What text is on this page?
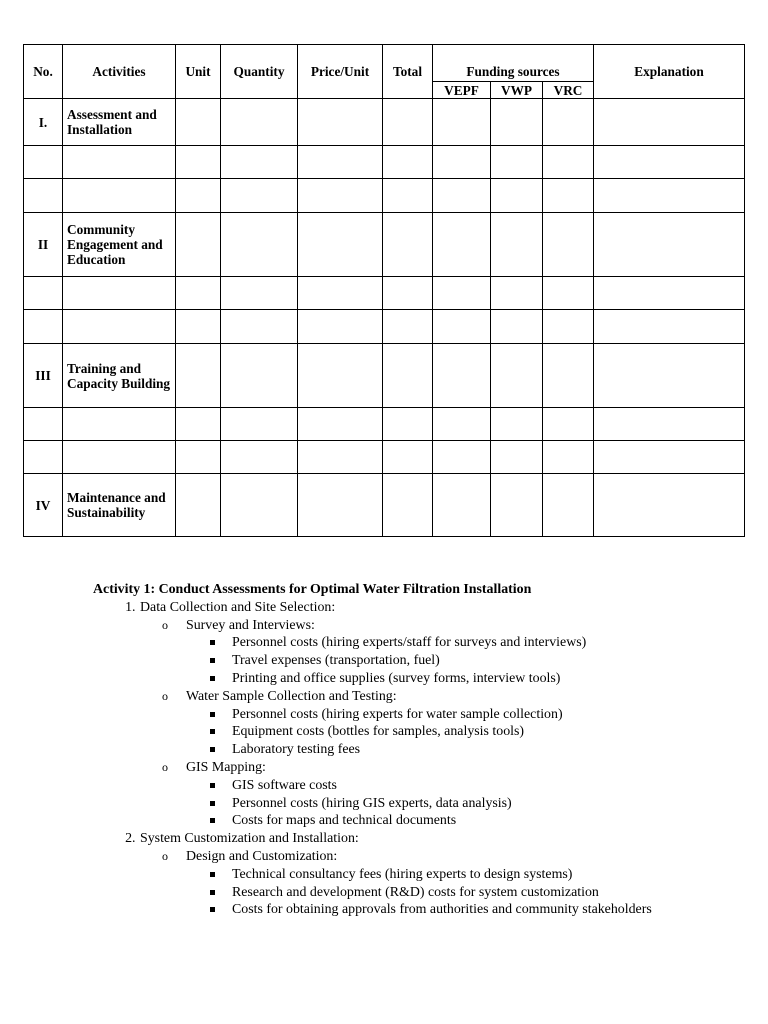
No.	Activities	Unit	Quantity	Price/Unit	Total	Funding sources			Explanation
						VEPF	VWP	VRC	
I.	Assessment and Installation								

II	Community Engagement and Education								

III	Training and Capacity Building								

IV	Maintenance and Sustainability								

Activity 1: Conduct Assessments for Optimal Water Filtration Installation

1. Data Collection and Site Selection:
o Survey and Interviews:
Personnel costs (hiring experts/staff for surveys and interviews)
Travel expenses (transportation, fuel)
Printing and office supplies (survey forms, interview tools)
o Water Sample Collection and Testing:
Personnel costs (hiring experts for water sample collection)
Equipment costs (bottles for samples, analysis tools)
Laboratory testing fees
o GIS Mapping:
GIS software costs
Personnel costs (hiring GIS experts, data analysis)
Costs for maps and technical documents
2. System Customization and Installation:
o Design and Customization:
Technical consultancy fees (hiring experts to design systems)
Research and development (R&D) costs for system customization
Costs for obtaining approvals from authorities and community stakeholders
